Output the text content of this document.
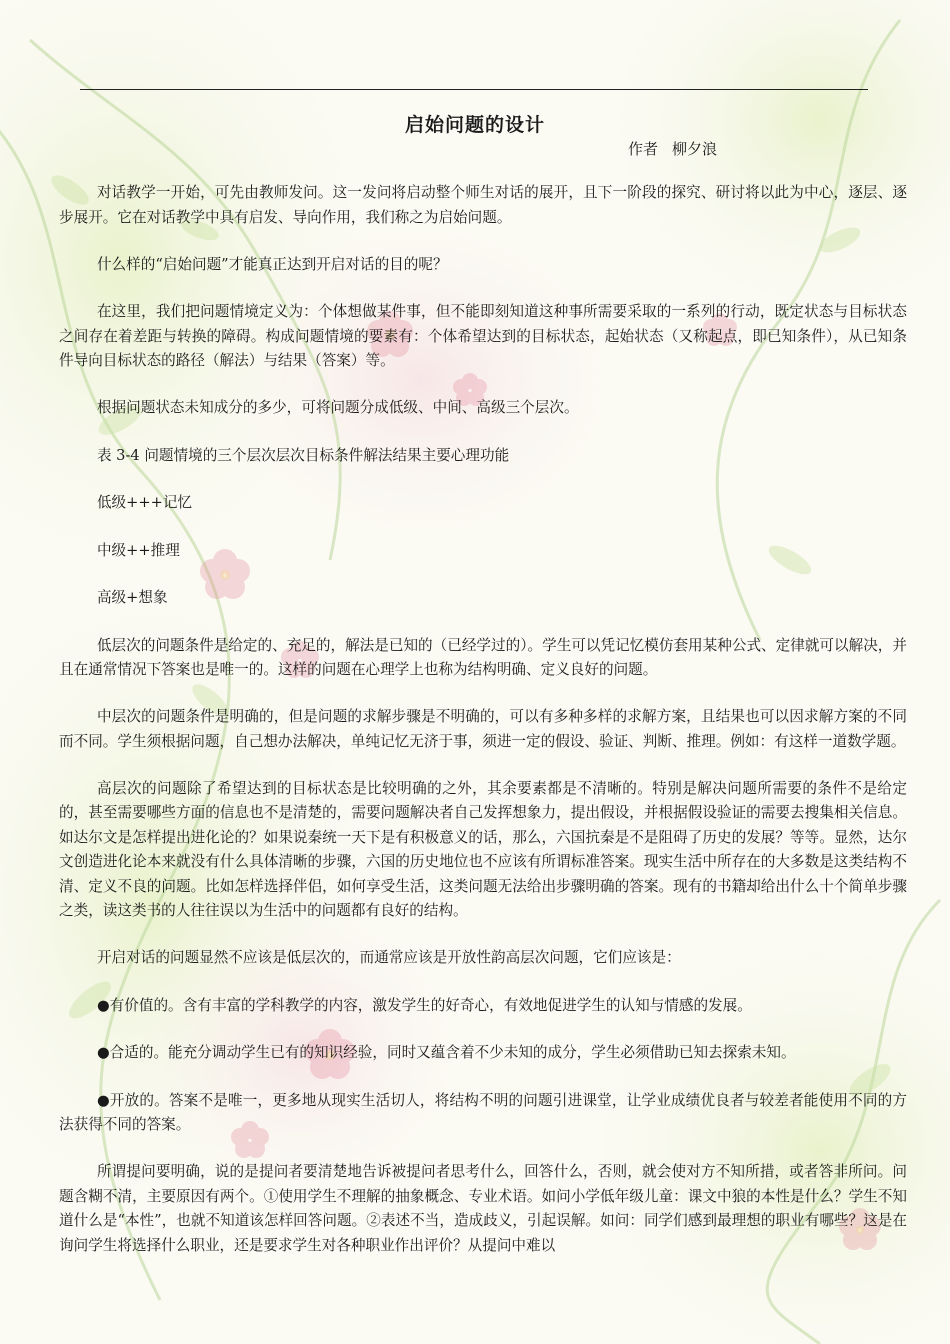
启始问题的设计
作者 柳夕浪

对话教学一开始，可先由教师发问。这一发问将启动整个师生对话的展开，且下一阶段的探究、研讨将以此为中心，逐层、逐步展开。它在对话教学中具有启发、导向作用，我们称之为启始问题。

什么样的“启始问题”才能真正达到开启对话的目的呢？

在这里，我们把问题情境定义为：个体想做某件事，但不能即刻知道这种事所需要采取的一系列的行动，既定状态与目标状态之间存在着差距与转换的障碍。构成问题情境的要素有：个体希望达到的目标状态，起始状态（又称起点，即已知条件），从已知条件导向目标状态的路径（解法）与结果（答案）等。

根据问题状态未知成分的多少，可将问题分成低级、中间、高级三个层次。

表 3-4 问题情境的三个层次层次目标条件解法结果主要心理功能

低级+++记忆

中级++推理

高级+想象

低层次的问题条件是给定的、充足的，解法是已知的（已经学过的）。学生可以凭记忆模仿套用某种公式、定律就可以解决，并且在通常情况下答案也是唯一的。这样的问题在心理学上也称为结构明确、定义良好的问题。

中层次的问题条件是明确的，但是问题的求解步骤是不明确的，可以有多种多样的求解方案，且结果也可以因求解方案的不同而不同。学生须根据问题，自己想办法解决，单纯记忆无济于事，须进一定的假设、验证、判断、推理。例如：有这样一道数学题。

高层次的问题除了希望达到的目标状态是比较明确的之外，其余要素都是不清晰的。特别是解决问题所需要的条件不是给定的，甚至需要哪些方面的信息也不是清楚的，需要问题解决者自己发挥想象力，提出假设，并根据假设验证的需要去搜集相关信息。如达尔文是怎样提出进化论的？如果说秦统一天下是有积极意义的话，那么，六国抗秦是不是阻碍了历史的发展？等等。显然，达尔文创造进化论本来就没有什么具体清晰的步骤，六国的历史地位也不应该有所谓标准答案。现实生活中所存在的大多数是这类结构不清、定义不良的问题。比如怎样选择伴侣，如何享受生活，这类问题无法给出步骤明确的答案。现有的书籍却给出什么十个简单步骤之类，读这类书的人往往误以为生活中的问题都有良好的结构。

开启对话的问题显然不应该是低层次的，而通常应该是开放性韵高层次问题，它们应该是：

●有价值的。含有丰富的学科教学的内容，激发学生的好奇心，有效地促进学生的认知与情感的发展。

●合适的。能充分调动学生已有的知识经验，同时又蕴含着不少未知的成分，学生必须借助已知去探索未知。

●开放的。答案不是唯一，更多地从现实生活切人，将结构不明的问题引进课堂，让学业成绩优良者与较差者能使用不同的方法获得不同的答案。

所谓提问要明确，说的是提问者要清楚地告诉被提问者思考什么，回答什么，否则，就会使对方不知所措，或者答非所问。问题含糊不清，主要原因有两个。①使用学生不理解的抽象概念、专业术语。如问小学低年级儿童：课文中狼的本性是什么？学生不知道什么是“本性”，也就不知道该怎样回答问题。②表述不当，造成歧义，引起误解。如问：同学们感到最理想的职业有哪些？这是在询问学生将选择什么职业，还是要求学生对各种职业作出评价？从提问中难以
